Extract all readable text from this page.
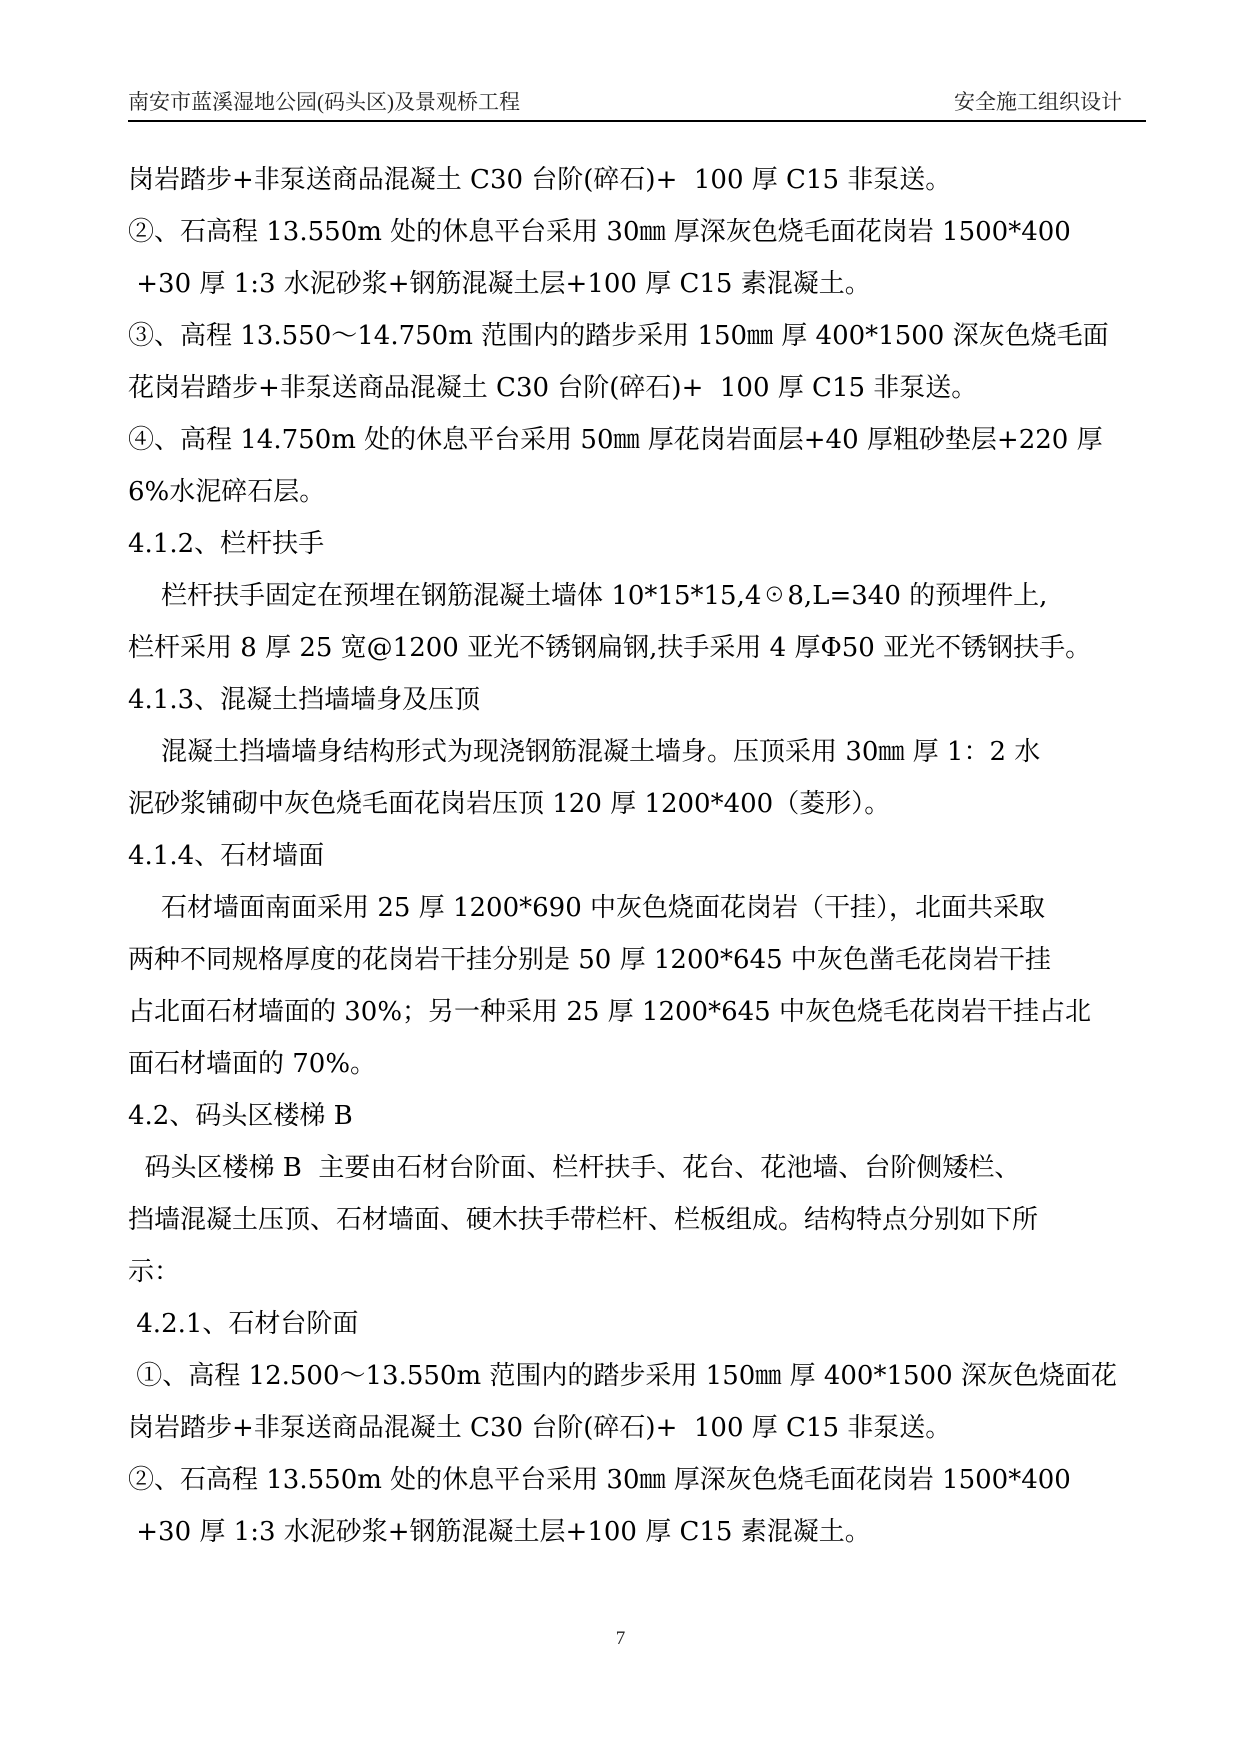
南安市蓝溪湿地公园(码头区)及景观桥工程	安全施工组织设计
岗岩踏步+非泵送商品混凝土 C30 台阶(碎石)+  100 厚 C15 非泵送。
②、石高程 13.550m 处的休息平台采用 30㎜ 厚深灰色烧毛面花岗岩 1500*400
+30 厚 1:3 水泥砂浆+钢筋混凝土层+100 厚 C15 素混凝土。
③、高程 13.550～14.750m 范围内的踏步采用 150㎜ 厚 400*1500 深灰色烧毛面
花岗岩踏步+非泵送商品混凝土 C30 台阶(碎石)+  100 厚 C15 非泵送。
④、高程 14.750m 处的休息平台采用 50㎜ 厚花岗岩面层+40 厚粗砂垫层+220 厚
6%水泥碎石层。
4.1.2、栏杆扶手
栏杆扶手固定在预埋在钢筋混凝土墙体 10*15*15,4☉8,L=340 的预埋件上,
栏杆采用 8 厚 25 宽@1200 亚光不锈钢扁钢,扶手采用 4 厚Φ50 亚光不锈钢扶手。
4.1.3、混凝土挡墙墙身及压顶
混凝土挡墙墙身结构形式为现浇钢筋混凝土墙身。压顶采用 30㎜ 厚 1：2 水
泥砂浆铺砌中灰色烧毛面花岗岩压顶 120 厚 1200*400（菱形）。
4.1.4、石材墙面
石材墙面南面采用 25 厚 1200*690 中灰色烧面花岗岩（干挂），北面共采取
两种不同规格厚度的花岗岩干挂分别是 50 厚 1200*645 中灰色凿毛花岗岩干挂
占北面石材墙面的 30%；另一种采用 25 厚 1200*645 中灰色烧毛花岗岩干挂占北
面石材墙面的 70%。
4.2、码头区楼梯 B
码头区楼梯 B  主要由石材台阶面、栏杆扶手、花台、花池墙、台阶侧矮栏、
挡墙混凝土压顶、石材墙面、硬木扶手带栏杆、栏板组成。结构特点分别如下所
示：
4.2.1、石材台阶面
①、高程 12.500～13.550m 范围内的踏步采用 150㎜ 厚 400*1500 深灰色烧面花
岗岩踏步+非泵送商品混凝土 C30 台阶(碎石)+  100 厚 C15 非泵送。
②、石高程 13.550m 处的休息平台采用 30㎜ 厚深灰色烧毛面花岗岩 1500*400
+30 厚 1:3 水泥砂浆+钢筋混凝土层+100 厚 C15 素混凝土。
7
